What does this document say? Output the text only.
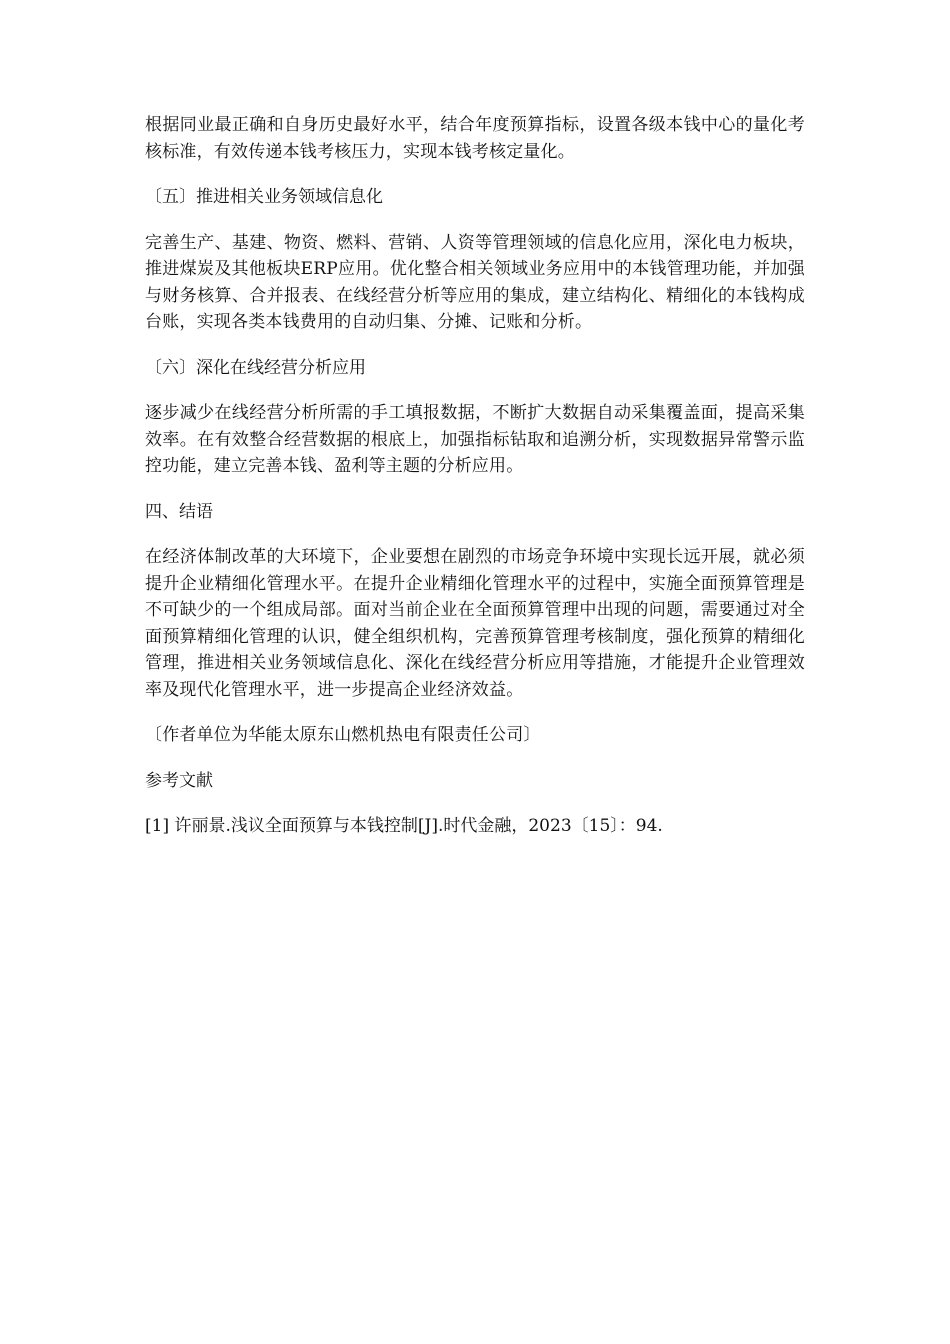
根据同业最正确和自身历史最好水平，结合年度预算指标，设置各级本钱中心的量化考核标准，有效传递本钱考核压力，实现本钱考核定量化。

〔五〕推进相关业务领域信息化

完善生产、基建、物资、燃料、营销、人资等管理领域的信息化应用，深化电力板块，推进煤炭及其他板块ERP应用。优化整合相关领域业务应用中的本钱管理功能，并加强与财务核算、合并报表、在线经营分析等应用的集成，建立结构化、精细化的本钱构成台账，实现各类本钱费用的自动归集、分摊、记账和分析。

〔六〕深化在线经营分析应用

逐步减少在线经营分析所需的手工填报数据，不断扩大数据自动采集覆盖面，提高采集效率。在有效整合经营数据的根底上，加强指标钻取和追溯分析，实现数据异常警示监控功能，建立完善本钱、盈利等主题的分析应用。

四、结语

在经济体制改革的大环境下，企业要想在剧烈的市场竞争环境中实现长远开展，就必须提升企业精细化管理水平。在提升企业精细化管理水平的过程中，实施全面预算管理是不可缺少的一个组成局部。面对当前企业在全面预算管理中出现的问题，需要通过对全面预算精细化管理的认识，健全组织机构，完善预算管理考核制度，强化预算的精细化管理，推进相关业务领域信息化、深化在线经营分析应用等措施，才能提升企业管理效率及现代化管理水平，进一步提高企业经济效益。

〔作者单位为华能太原东山燃机热电有限责任公司〕

参考文献

[1] 许丽景.浅议全面预算与本钱控制[J].时代金融，2023〔15〕：94.
